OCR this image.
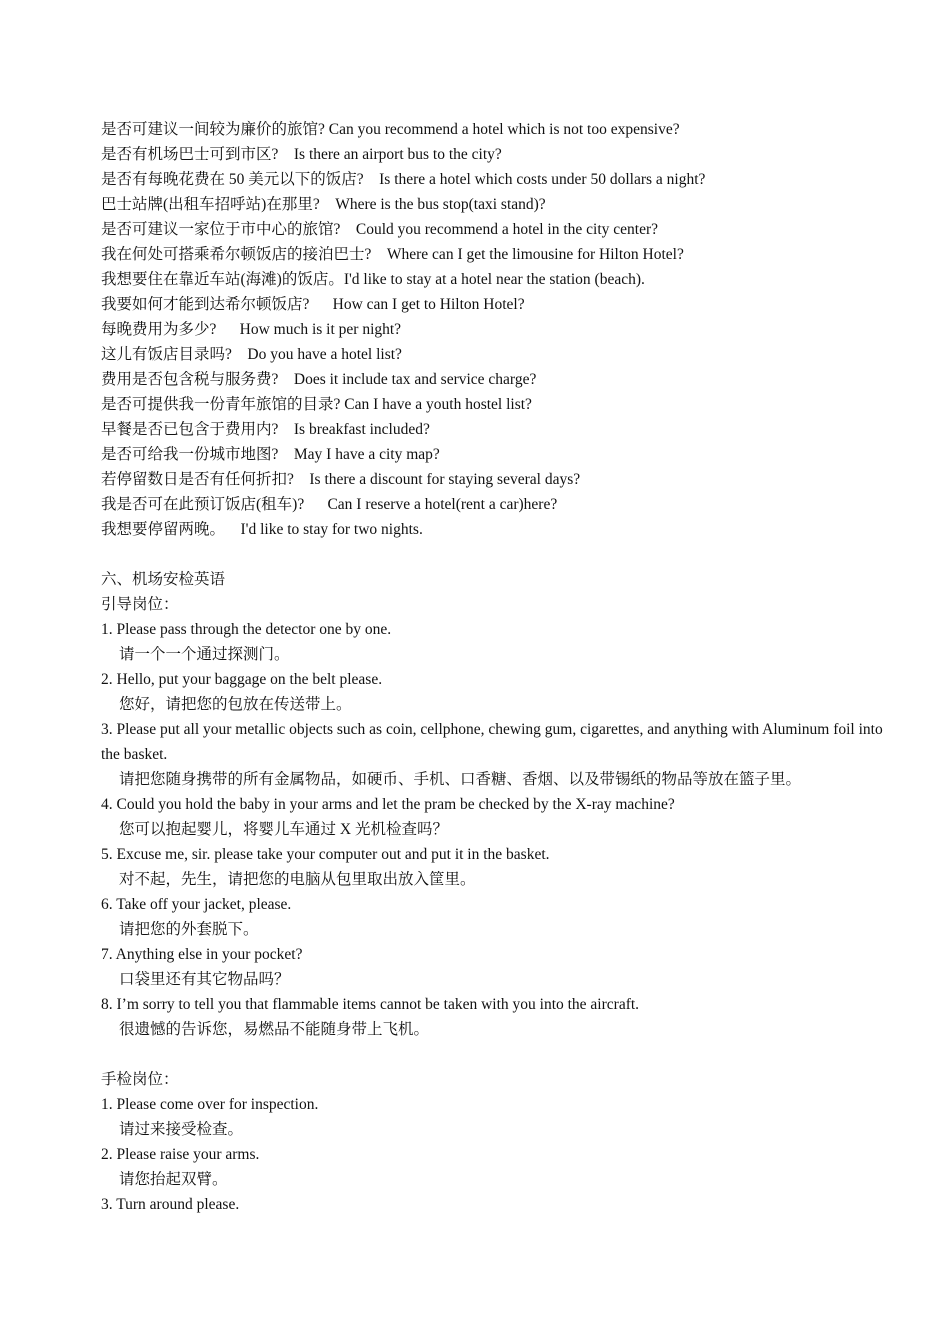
是否可建议一间较为廉价的旅馆? Can you recommend a hotel which is not too expensive?
是否有机场巴士可到市区?    Is there an airport bus to the city?
是否有每晚花费在 50 美元以下的饭店?    Is there a hotel which costs under 50 dollars a night?
巴士站牌(出租车招呼站)在那里?    Where is the bus stop(taxi stand)?
是否可建议一家位于市中心的旅馆?    Could you recommend a hotel in the city center?
我在何处可搭乘希尔顿饭店的接泊巴士?    Where can I get the limousine for Hilton Hotel?
我想要住在靠近车站(海滩)的饭店。I'd like to stay at a hotel near the station (beach).
我要如何才能到达希尔顿饭店?      How can I get to Hilton Hotel?
每晚费用为多少?      How much is it per night?
这儿有饭店目录吗?    Do you have a hotel list?
费用是否包含税与服务费?    Does it include tax and service charge?
是否可提供我一份青年旅馆的目录? Can I have a youth hostel list?
早餐是否已包含于费用内?    Is breakfast included?
是否可给我一份城市地图?    May I have a city map?
若停留数日是否有任何折扣?    Is there a discount for staying several days?
我是否可在此预订饭店(租车)?      Can I reserve a hotel(rent a car)here?
我想要停留两晚。    I'd like to stay for two nights.
六、机场安检英语
引导岗位：
1. Please pass through the detector one by one.
请一个一个通过探测门。
2. Hello, put your baggage on the belt please.
您好，请把您的包放在传送带上。
3. Please put all your metallic objects such as coin, cellphone, chewing gum, cigarettes, and anything with Aluminum foil into the basket.
请把您随身携带的所有金属物品，如硬币、手机、口香糖、香烟、以及带锡纸的物品等放在篮子里。
4. Could you hold the baby in your arms and let the pram be checked by the X-ray machine?
您可以抱起婴儿，将婴儿车通过 X 光机检查吗？
5. Excuse me, sir. please take your computer out and put it in the basket.
对不起，先生，请把您的电脑从包里取出放入筐里。
6. Take off your jacket, please.
请把您的外套脱下。
7. Anything else in your pocket?
口袋里还有其它物品吗？
8. I’m sorry to tell you that flammable items cannot be taken with you into the aircraft.
很遗憾的告诉您，易燃品不能随身带上飞机。
手检岗位：
1. Please come over for inspection.
请过来接受检查。
2. Please raise your arms.
请您抬起双臂。
3. Turn around please.
